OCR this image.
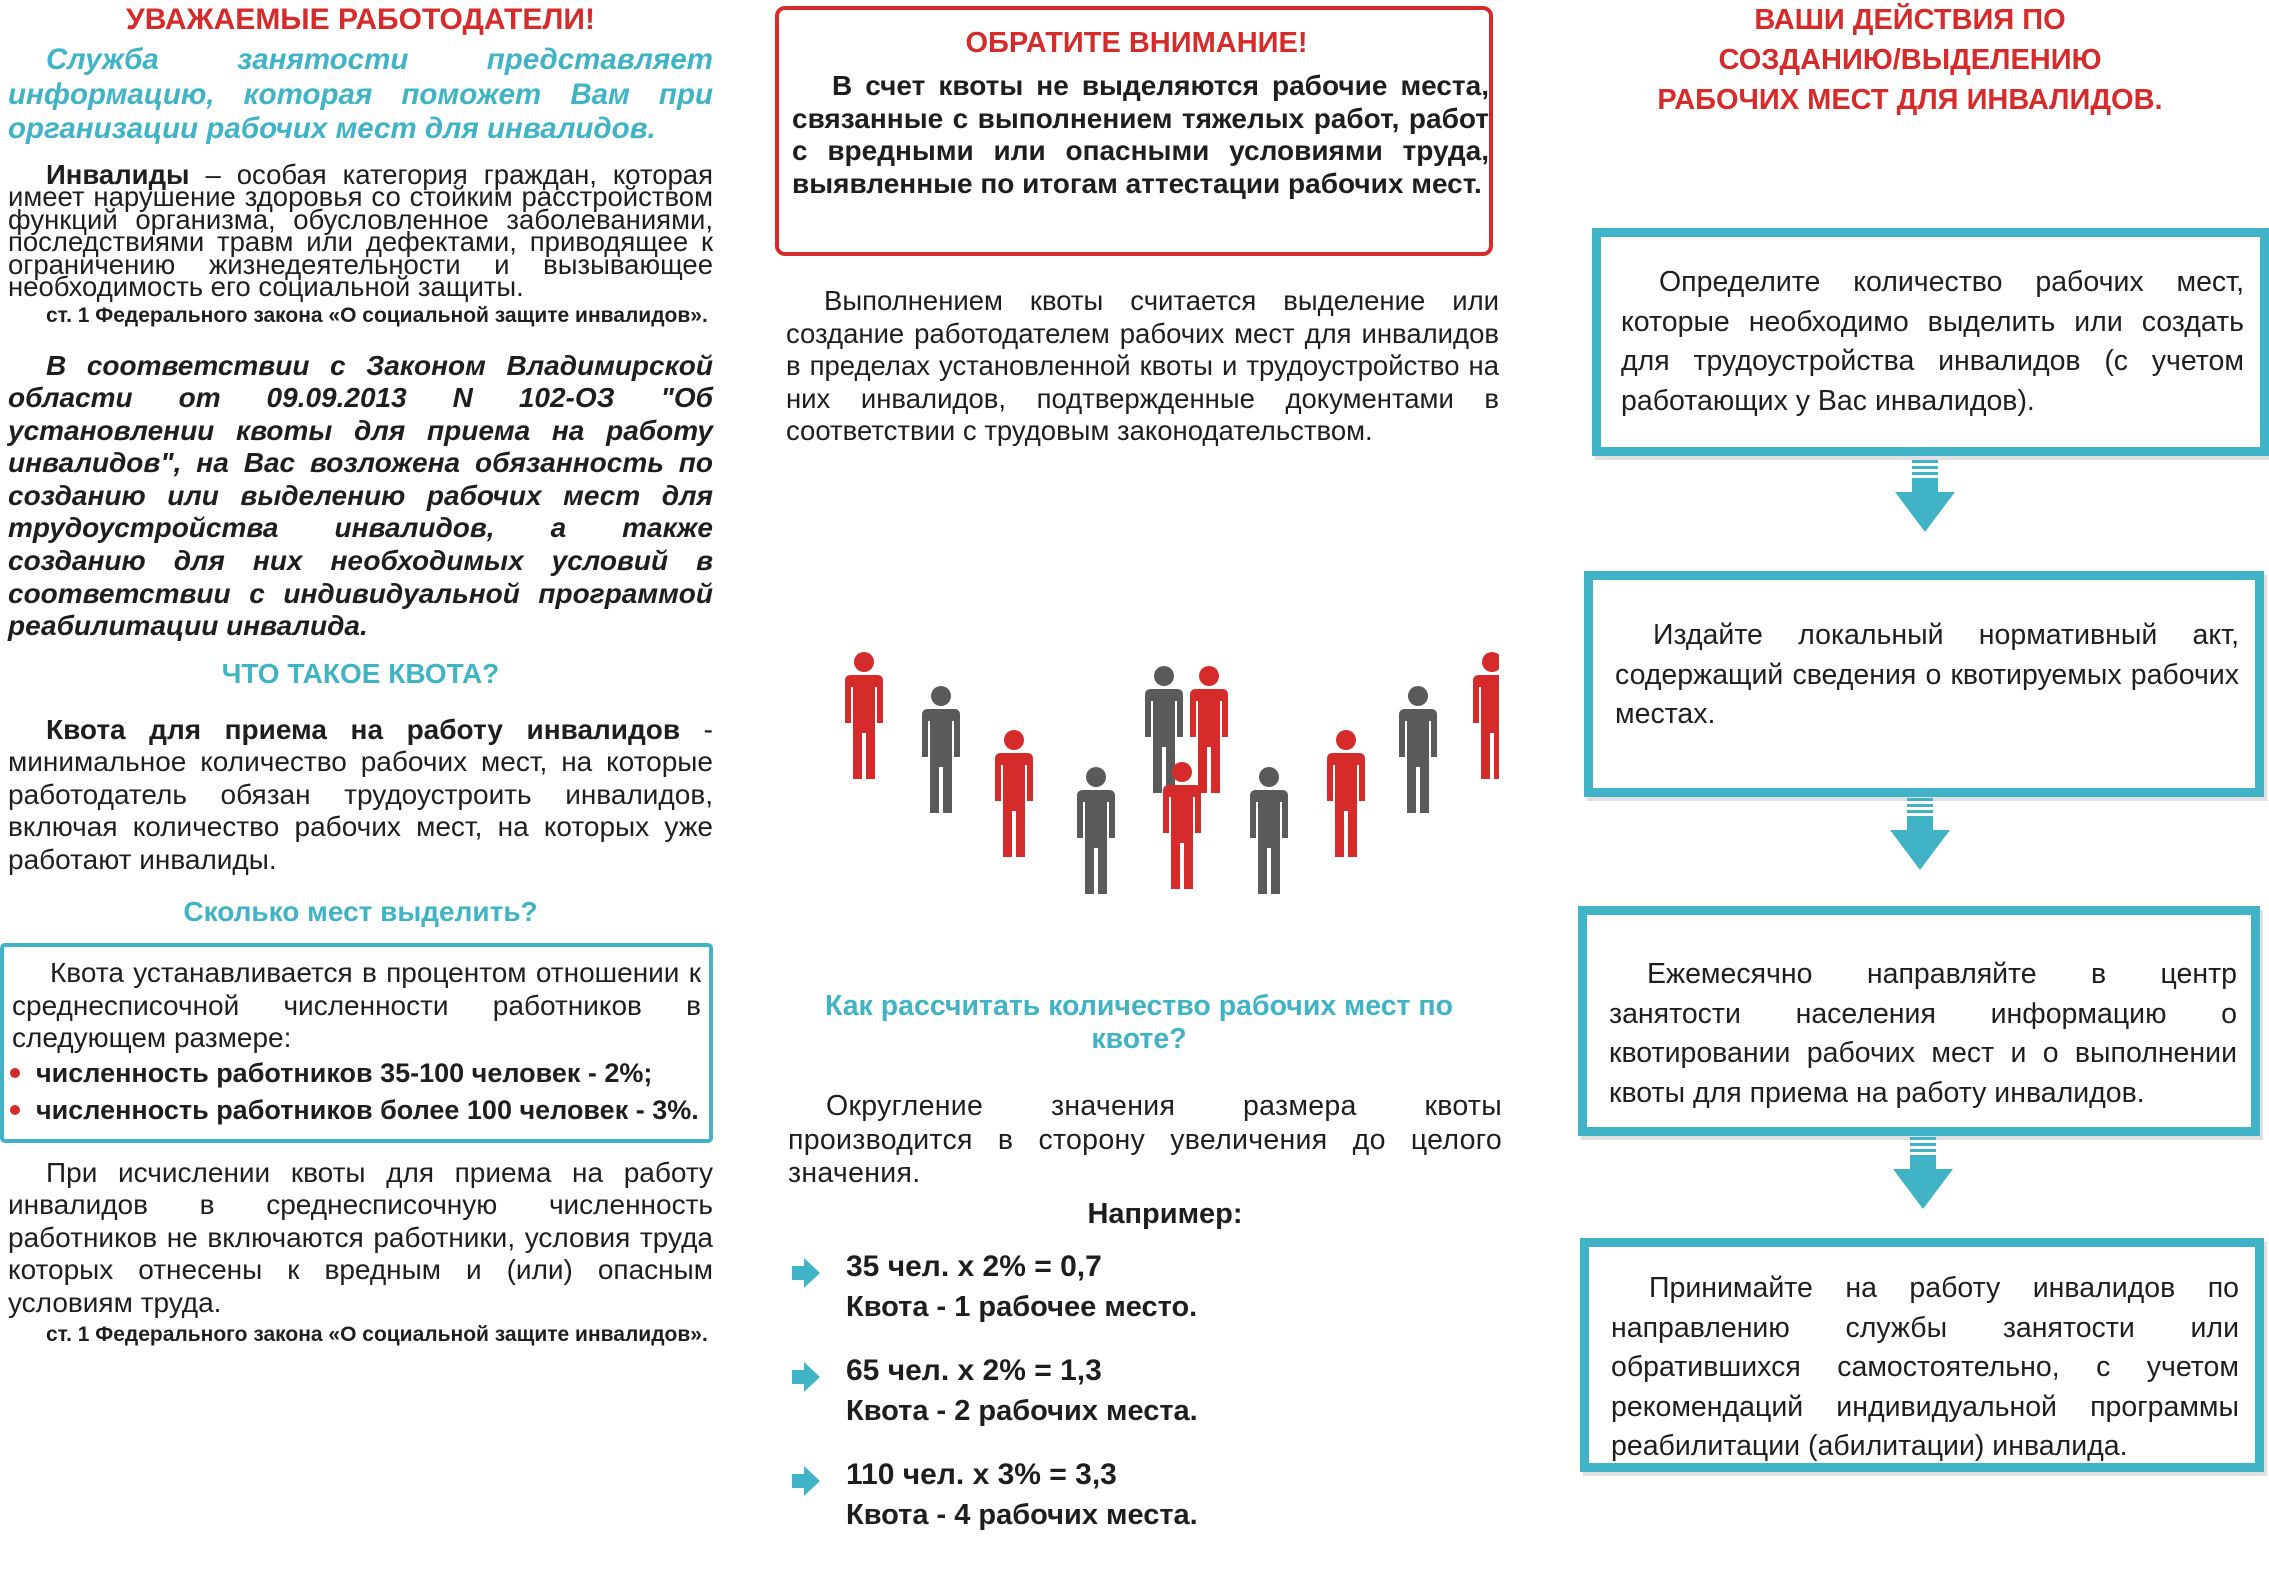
УВАЖАЕМЫЕ РАБОТОДАТЕЛИ!

Служба занятости представляет информацию, которая поможет Вам при организации рабочих мест для инвалидов.

Инвалиды – особая категория граждан, которая имеет нарушение здоровья со стойким расстройством функций организма, обусловленное заболеваниями, последствиями травм или дефектами, приводящее к ограничению жизнедеятельности и вызывающее необходимость его социальной защиты.

ст. 1 Федерального закона «О социальной защите инвалидов».

В соответствии с Законом Владимирской области от 09.09.2013 N 102-ОЗ "Об установлении квоты для приема на работу инвалидов", на Вас возложена обязанность по созданию или выделению рабочих мест для трудоустройства инвалидов, а также созданию для них необходимых условий в соответствии с индивидуальной программой реабилитации инвалида.

ЧТО ТАКОЕ КВОТА?

Квота для приема на работу инвалидов - минимальное количество рабочих мест, на которые работодатель обязан трудоустроить инвалидов, включая количество рабочих мест, на которых уже работают инвалиды.

Сколько мест выделить?

Квота устанавливается в процентом отношении к среднесписочной численности работников в следующем размере:

численность работников 35-100 человек - 2%;
численность работников более 100 человек - 3%.

При исчислении квоты для приема на работу инвалидов в среднесписочную численность работников не включаются работники, условия труда которых отнесены к вредным и (или) опасным условиям труда.

ст. 1 Федерального закона «О социальной защите инвалидов».

ОБРАТИТЕ ВНИМАНИЕ!

В счет квоты не выделяются рабочие места, связанные с выполнением тяжелых работ, работ с вредными или опасными условиями труда, выявленные по итогам аттестации рабочих мест.

Выполнением квоты считается выделение или создание работодателем рабочих мест для инвалидов в пределах установленной квоты и трудоустройство на них инвалидов, подтвержденные документами в соответствии с трудовым законодательством.

Как рассчитать количество рабочих мест по квоте?

Округление значения размера квоты производится в сторону увеличения до целого значения.

Например:

35 чел. х 2% = 0,7

Квота - 1 рабочее место.

65 чел. х 2% = 1,3

Квота - 2 рабочих места.

110 чел. х 3% = 3,3

Квота - 4 рабочих места.

ВАШИ ДЕЙСТВИЯ ПО

СОЗДАНИЮ/ВЫДЕЛЕНИЮ

РАБОЧИХ МЕСТ ДЛЯ ИНВАЛИДОВ.

Определите количество рабочих мест, которые необходимо выделить или создать для трудоустройства инвалидов (с учетом работающих у Вас инвалидов).

Издайте локальный нормативный акт, содержащий сведения о квотируемых рабочих местах.

Ежемесячно направляйте в центр занятости населения информацию о квотировании рабочих мест и о выполнении квоты для приема на работу инвалидов.

Принимайте на работу инвалидов по направлению службы занятости или обратившихся самостоятельно, с учетом рекомендаций индивидуальной программы реабилитации (абилитации) инвалида.
